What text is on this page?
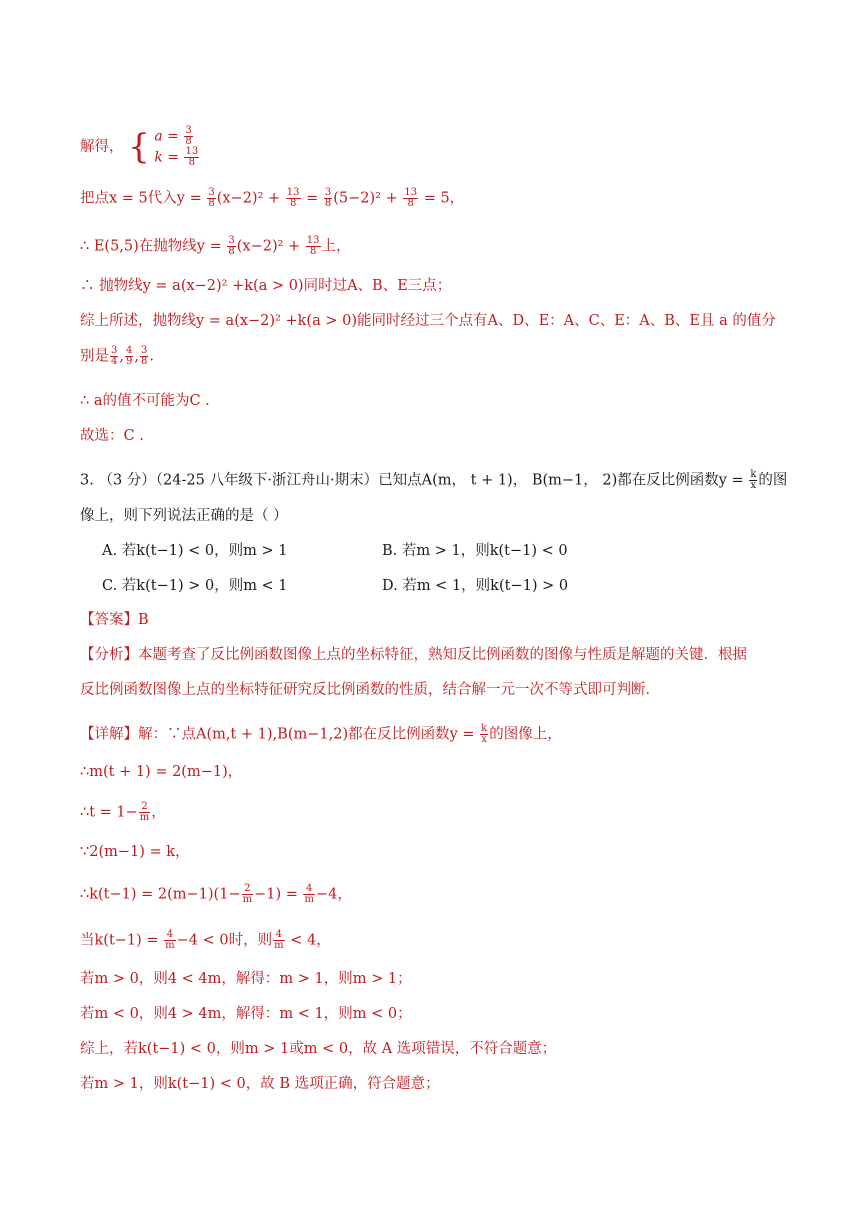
解得， { $a = \frac{3}{8}$
$k = \frac{13}{8}$
把点x = 5代入$y = \frac{3}{8} (x-2)^2 + \frac{13}{8} = \frac{3}{8} (5-2)^2 + \frac{13}{8} = 5$，
∴ E(5,5)在抛物线$y = \frac{3}{8} (x-2)^2 + \frac{13}{8}$ 上，
∴ 抛物线y = a(x−2)² +k(a > 0)同时过A、B、E三点；
综上所述，抛物线y = a(x−2)² +k(a > 0)能同时经过三个点有A、D、E：A、C、E：A、B、E且 a 的值分
别是 $\frac{3}{4}$ , $\frac{4}{9}$ , $\frac{3}{8}$ .
∴ a的值不可能为C .
故选：C .
3. （3 分）（24-25 八年级下·浙江舟山·期末）已知点A(m， t + 1)， B(m−1， 2)都在反比例函数$y = \frac{k}{x}$ 的图
像上，则下列说法正确的是（ ）
A. 若k(t−1) < 0，则m > 1	B. 若m > 1，则k(t−1) < 0
C. 若k(t−1) > 0，则m < 1	D. 若m < 1，则k(t−1) > 0
【答案】B
【分析】本题考查了反比例函数图像上点的坐标特征，熟知反比例函数的图像与性质是解题的关键．根据
反比例函数图像上点的坐标特征研究反比例函数的性质，结合解一元一次不等式即可判断．
【详解】解：∵点A(m,t + 1),B(m−1,2)都在反比例函数$y = \frac{k}{x}$ 的图像上，
∴m(t + 1) = 2(m−1)，
∴t = $1- \frac{2}{m}$ ，
∵2(m−1) = k，
∴k(t−1) = $2(m-1)(1- \frac{2}{m} -1) = \frac{4}{m} -4$，
当$k(t-1) = \frac{4}{m} -4 < 0$时，则 $\frac{4}{m} < 4$，
若m > 0，则4 < 4m，解得：m > 1，则m > 1；
若m < 0，则4 > 4m，解得：m < 1，则m < 0；
综上，若k(t−1) < 0，则m > 1或m < 0，故 A 选项错误，不符合题意；
若m > 1，则k(t−1) < 0，故 B 选项正确，符合题意；
